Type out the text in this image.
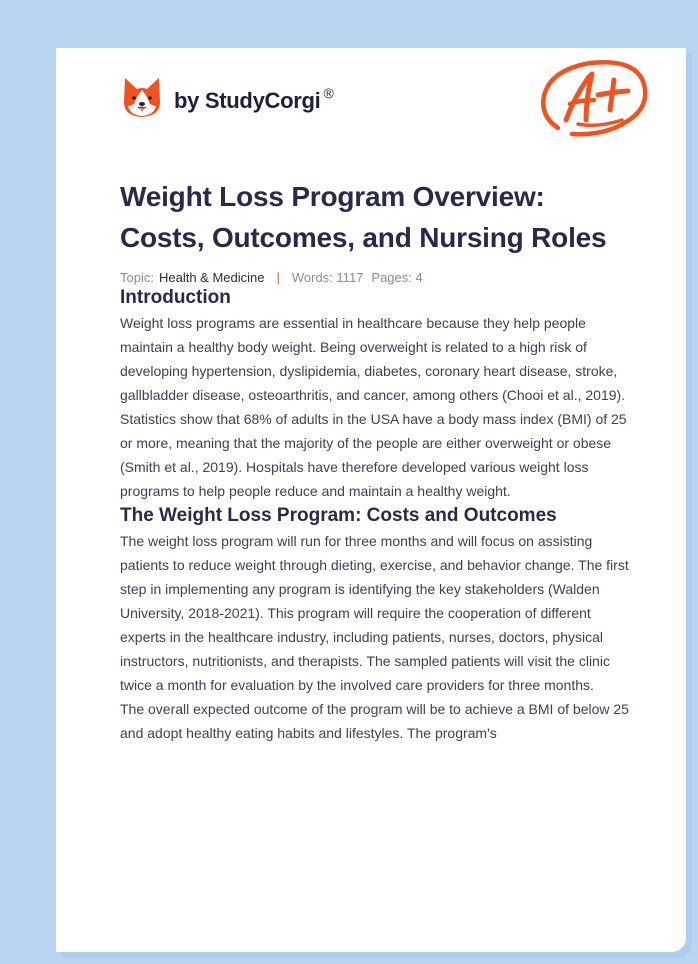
by StudyCorgi ®
Weight Loss Program Overview: Costs, Outcomes, and Nursing Roles
Topic: Health & Medicine | Words: 1117 Pages: 4
Introduction

Weight loss programs are essential in healthcare because they help people maintain a healthy body weight. Being overweight is related to a high risk of developing hypertension, dyslipidemia, diabetes, coronary heart disease, stroke, gallbladder disease, osteoarthritis, and cancer, among others (Chooi et al., 2019). Statistics show that 68% of adults in the USA have a body mass index (BMI) of 25 or more, meaning that the majority of the people are either overweight or obese (Smith et al., 2019). Hospitals have therefore developed various weight loss programs to help people reduce and maintain a healthy weight.

The Weight Loss Program: Costs and Outcomes

The weight loss program will run for three months and will focus on assisting patients to reduce weight through dieting, exercise, and behavior change. The first step in implementing any program is identifying the key stakeholders (Walden University, 2018-2021). This program will require the cooperation of different experts in the healthcare industry, including patients, nurses, doctors, physical instructors, nutritionists, and therapists. The sampled patients will visit the clinic twice a month for evaluation by the involved care providers for three months.

The overall expected outcome of the program will be to achieve a BMI of below 25 and adopt healthy eating habits and lifestyles. The program's
